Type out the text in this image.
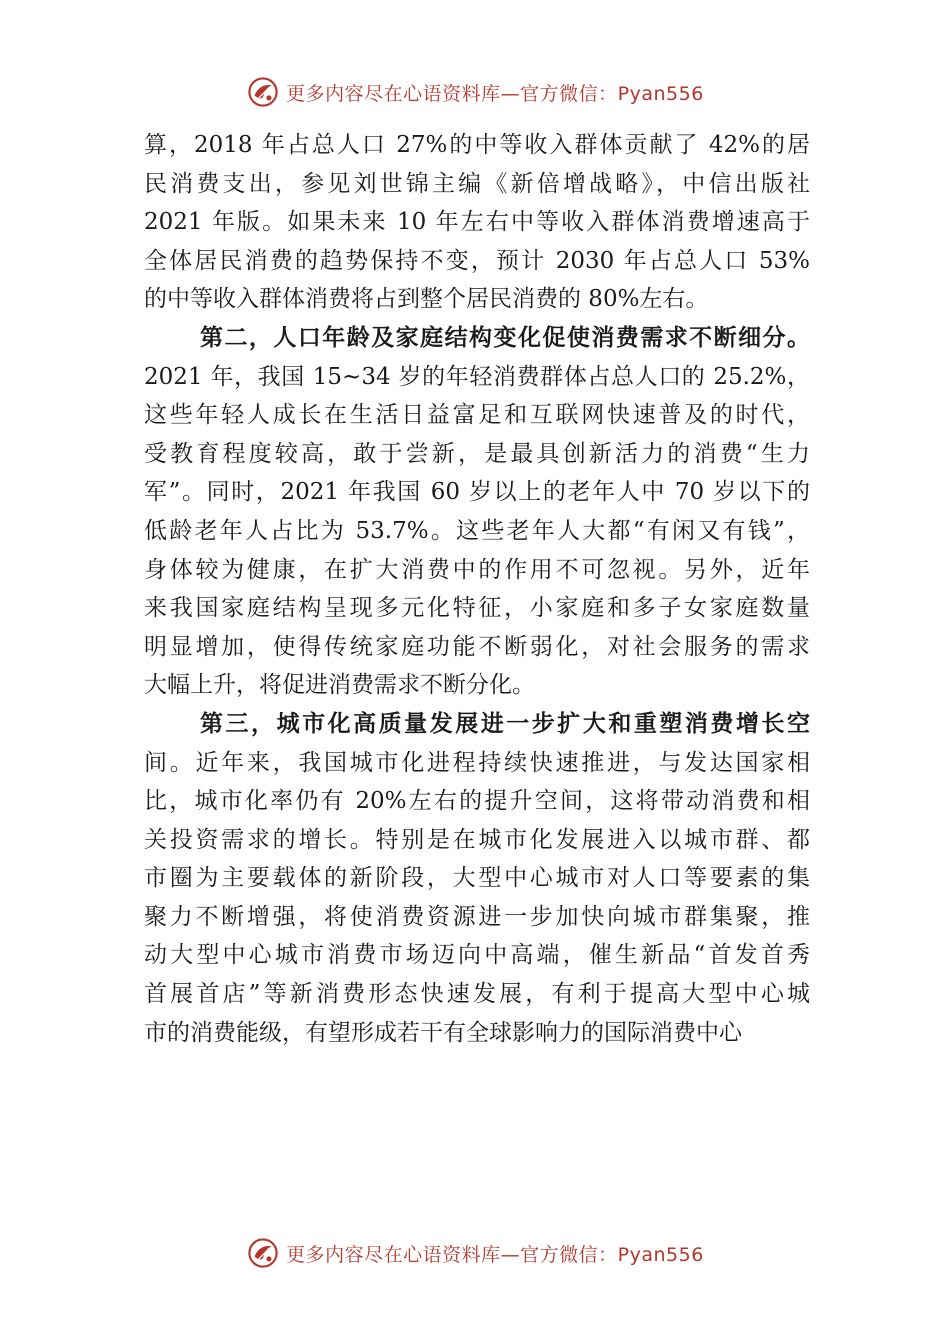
更多内容尽在心语资料库—官方微信：Pyan556
算，2018 年占总人口 27%的中等收入群体贡献了 42%的居
民消费支出，参见刘世锦主编《新倍增战略》，中信出版社
2021 年版。如果未来 10 年左右中等收入群体消费增速高于
全体居民消费的趋势保持不变，预计 2030 年占总人口 53%
的中等收入群体消费将占到整个居民消费的 80%左右。
第二，人口年龄及家庭结构变化促使消费需求不断细分。
2021 年，我国 15~34 岁的年轻消费群体占总人口的 25.2%，
这些年轻人成长在生活日益富足和互联网快速普及的时代，
受教育程度较高，敢于尝新，是最具创新活力的消费“生力
军”。同时，2021 年我国 60 岁以上的老年人中 70 岁以下的
低龄老年人占比为 53.7%。这些老年人大都“有闲又有钱”，
身体较为健康，在扩大消费中的作用不可忽视。另外，近年
来我国家庭结构呈现多元化特征，小家庭和多子女家庭数量
明显增加，使得传统家庭功能不断弱化，对社会服务的需求
大幅上升，将促进消费需求不断分化。
第三，城市化高质量发展进一步扩大和重塑消费增长空
间。近年来，我国城市化进程持续快速推进，与发达国家相
比，城市化率仍有 20%左右的提升空间，这将带动消费和相
关投资需求的增长。特别是在城市化发展进入以城市群、都
市圈为主要载体的新阶段，大型中心城市对人口等要素的集
聚力不断增强，将使消费资源进一步加快向城市群集聚，推
动大型中心城市消费市场迈向中高端，催生新品“首发首秀
首展首店”等新消费形态快速发展，有利于提高大型中心城
市的消费能级，有望形成若干有全球影响力的国际消费中心
更多内容尽在心语资料库—官方微信：Pyan556
